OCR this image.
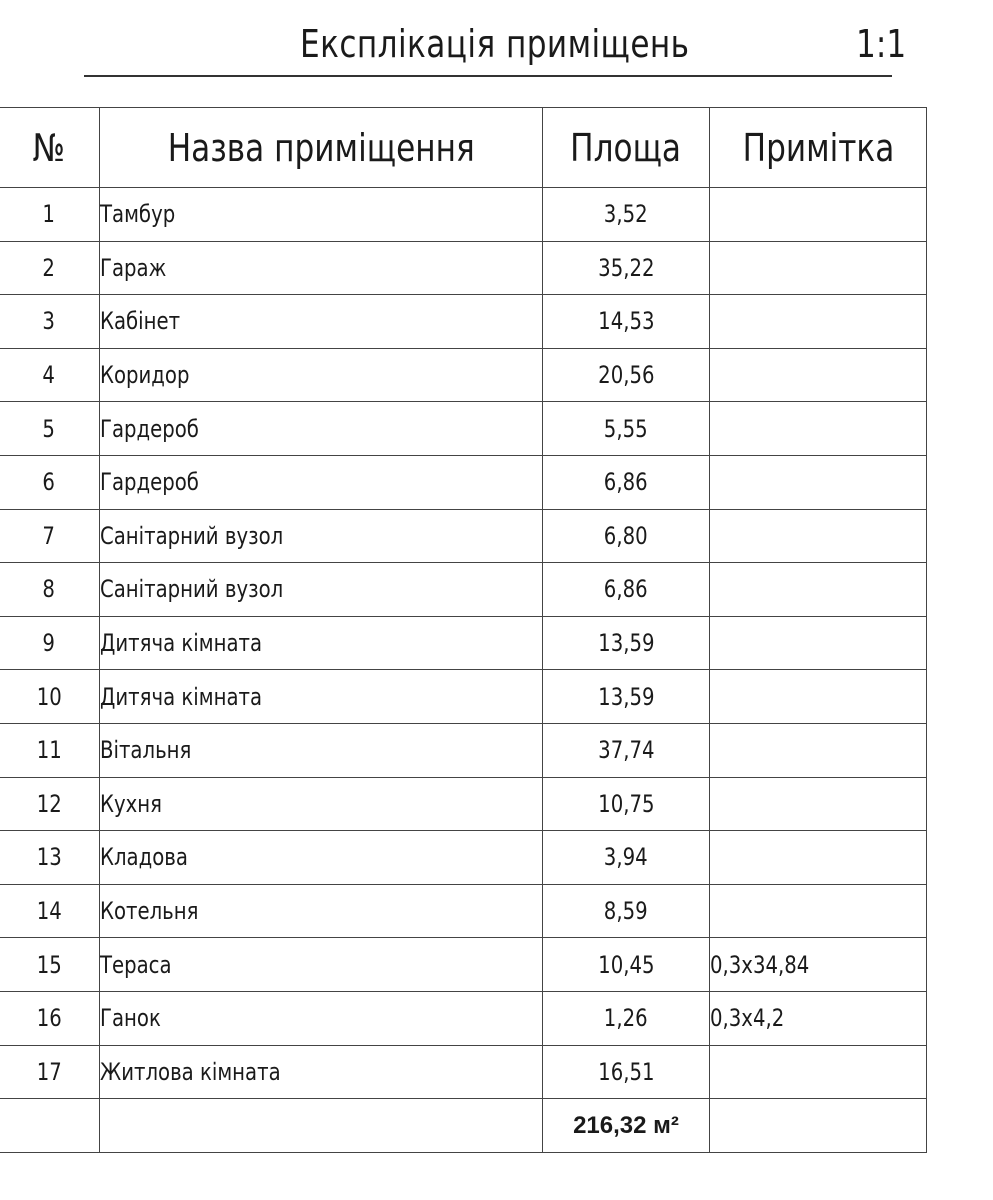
Експлікація приміщень	1:1
№	Назва приміщення	Площа	Примітка
1	Тамбур	3,52	
2	Гараж	35,22	
3	Кабінет	14,53	
4	Коридор	20,56	
5	Гардероб	5,55	
6	Гардероб	6,86	
7	Санітарний вузол	6,80	
8	Санітарний вузол	6,86	
9	Дитяча кімната	13,59	
10	Дитяча кімната	13,59	
11	Вітальня	37,74	
12	Кухня	10,75	
13	Кладова	3,94	
14	Котельня	8,59	
15	Тераса	10,45	0,3x34,84
16	Ганок	1,26	0,3x4,2
17	Житлова кімната	16,51	
		216,32 м²	
